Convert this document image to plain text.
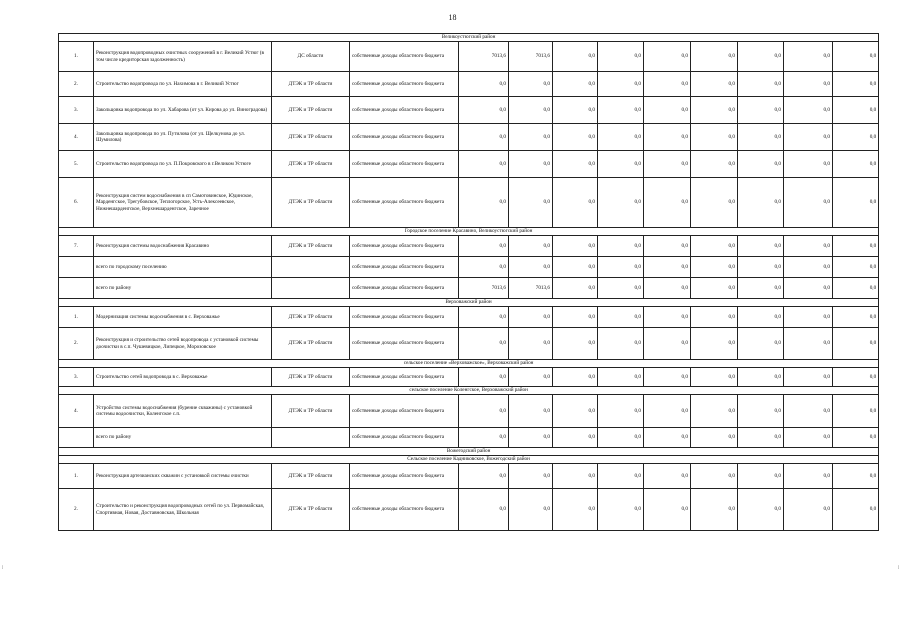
18
Великоустюгский район												
1.	Реконструкция водопроводных очистных сооружений в г. Великий Устюг (в том числе кредиторская задолженность)	ДС области	собственные доходы областного бюджета	7013,6	7013,6	0,0	0,0	0,0	0,0	0,0	0,0	0,0
2.	Строительство водопровода по ул. Нахимова в г. Великий Устюг	ДТЭК и ТР области	собственные доходы областного бюджета	0,0	0,0	0,0	0,0	0,0	0,0	0,0	0,0	0,0
3.	Закольцовка водопровода по ул. Хабарова (от ул. Кирова до ул. Виноградова)	ДТЭК и ТР области	собственные доходы областного бюджета	0,0	0,0	0,0	0,0	0,0	0,0	0,0	0,0	0,0
4.	Закольцовка водопровода по ул. Путилова (от ул. Щелкунова до ул. Шумилова)	ДТЭК и ТР области	собственные доходы областного бюджета	0,0	0,0	0,0	0,0	0,0	0,0	0,0	0,0	0,0
5.	Строительство водопровода по ул. П.Покровского в г.Великом Устюге	ДТЭК и ТР области	собственные доходы областного бюджета	0,0	0,0	0,0	0,0	0,0	0,0	0,0	0,0	0,0
6.	Реконструкция систем водоснабжения в сп Самотовинское, Юдинское, Марденгское, Трегубовское, Теплогорское, Усть-Алексеевское, Нижнешарденгское, Верхнешарденгское, Заречное	ДТЭК и ТР области	собственные доходы областного бюджета	0,0	0,0	0,0	0,0	0,0	0,0	0,0	0,0	0,0
Городское поселение Красавино, Великоустюгский район												
7.	Реконструкция системы водоснабжения Красавино	ДТЭК и ТР области	собственные доходы областного бюджета	0,0	0,0	0,0	0,0	0,0	0,0	0,0	0,0	0,0
	всего по городскому поселению		собственные доходы областного бюджета	0,0	0,0	0,0	0,0	0,0	0,0	0,0	0,0	0,0
	всего по району		собственные доходы областного бюджета	7013,6	7013,6	0,0	0,0	0,0	0,0	0,0	0,0	0,0
Верховажский район												
1.	Модернизация системы водоснабжения в с. Верховажье	ДТЭК и ТР области	собственные доходы областного бюджета	0,0	0,0	0,0	0,0	0,0	0,0	0,0	0,0	0,0
2.	Реконструкция и строительство сетей водопровода с установкой системы доочистки в с.п. Чушевицкое, Липецкое, Морозовское	ДТЭК и ТР области	собственные доходы областного бюджета	0,0	0,0	0,0	0,0	0,0	0,0	0,0	0,0	0,0
сельское поселение «Верховажское», Верховажский район												
3.	Строительство сетей водопровода в с. Верховажье	ДТЭК и ТР области	собственные доходы областного бюджета	0,0	0,0	0,0	0,0	0,0	0,0	0,0	0,0	0,0
сельское поселение Коленгское, Верховажский район												
4.	Устройство системы водоснабжения (бурение скважины) с установкой системы водоочистки, Коленгское с.п.	ДТЭК и ТР области	собственные доходы областного бюджета	0,0	0,0	0,0	0,0	0,0	0,0	0,0	0,0	0,0
	всего по району		собственные доходы областного бюджета	0,0	0,0	0,0	0,0	0,0	0,0	0,0	0,0	0,0
Вожегодский район												
Сельское поселение Кадниковское, Вожегодский район												
1.	Реконструкция артезианских скважин с установкой системы очистки	ДТЭК и ТР области	собственные доходы областного бюджета	0,0	0,0	0,0	0,0	0,0	0,0	0,0	0,0	0,0
2.	Строительство и реконструкция водопроводных сетей по ул. Первомайская, Спортивная, Новая, Доставновская, Школьная	ДТЭК и ТР области	собственные доходы областного бюджета	0,0	0,0	0,0	0,0	0,0	0,0	0,0	0,0	0,0
⁞	⁞
